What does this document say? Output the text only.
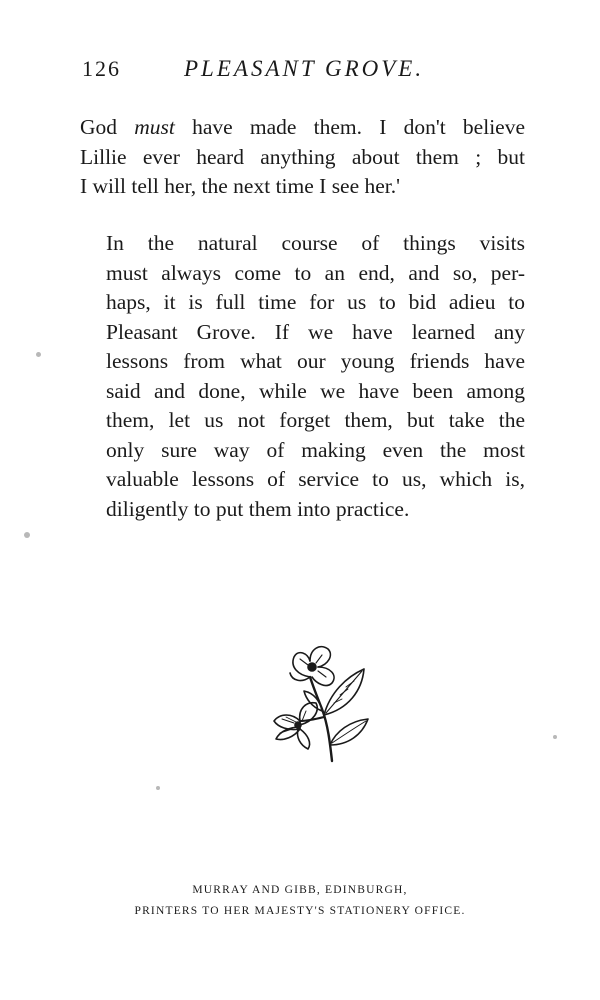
126	PLEASANT GROVE.
God must have made them. I don't believe
Lillie ever heard anything about them ; but
I will tell her, the next time I see her.'
In the natural course of things visits
must always come to an end, and so, per-
haps, it is full time for us to bid adieu to
Pleasant Grove. If we have learned any
lessons from what our young friends have
said and done, while we have been among
them, let us not forget them, but take the
only sure way of making even the most
valuable lessons of service to us, which is,
diligently to put them into practice.
MURRAY AND GIBB, EDINBURGH,
PRINTERS TO HER MAJESTY'S STATIONERY OFFICE.
